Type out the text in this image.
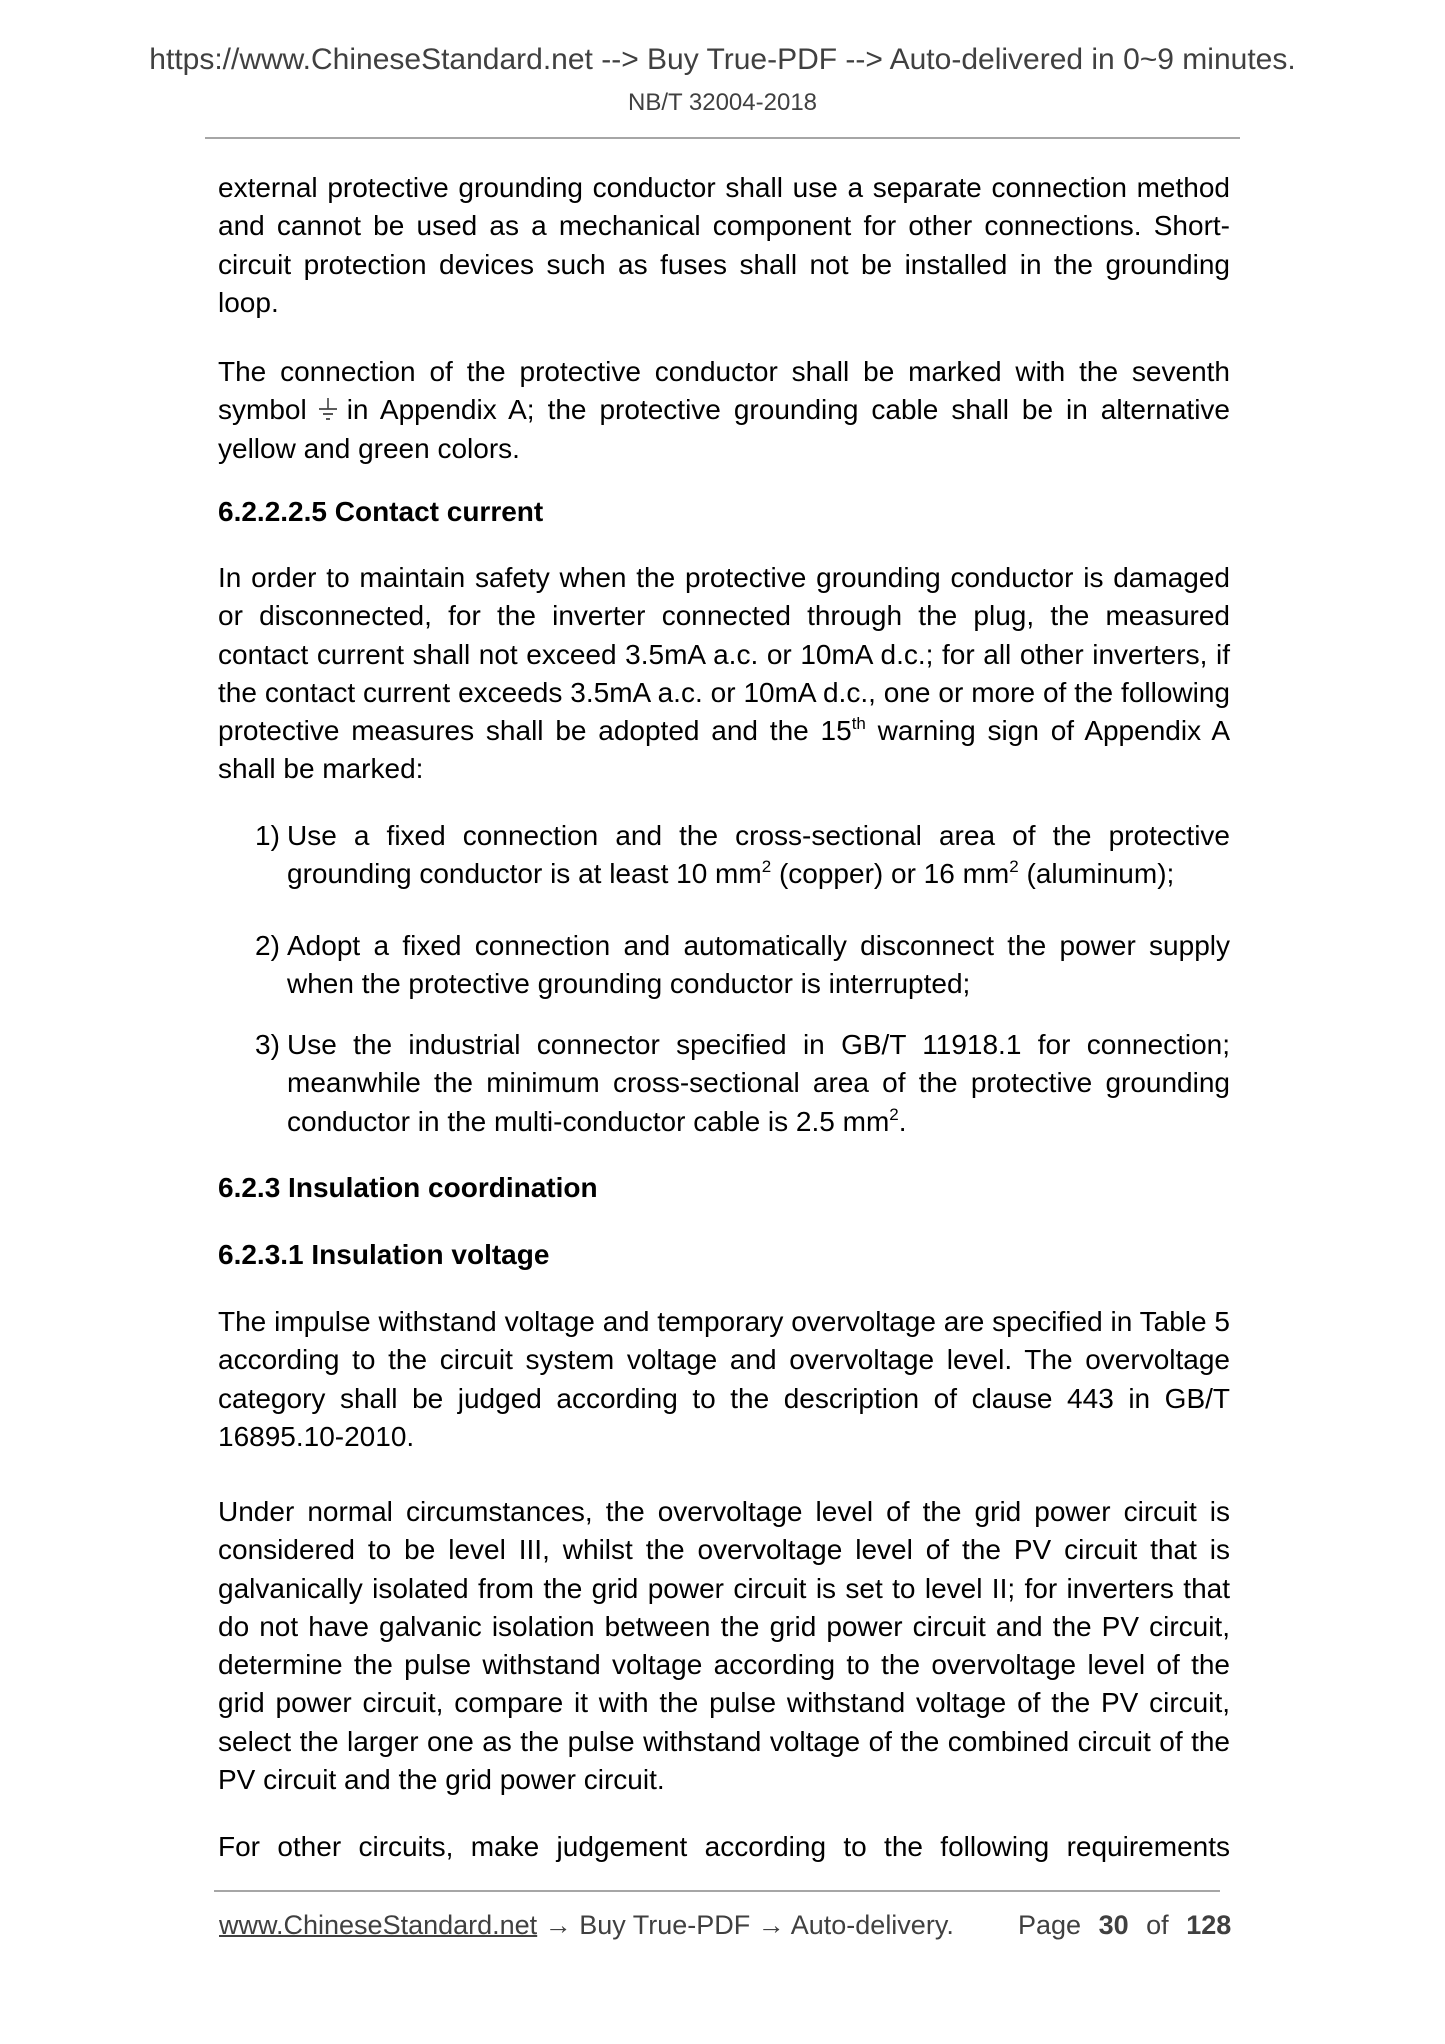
https://www.ChineseStandard.net --> Buy True-PDF --> Auto-delivered in 0~9 minutes.
NB/T 32004-2018
external protective grounding conductor shall use a separate connection method and cannot be used as a mechanical component for other connections. Short-circuit protection devices such as fuses shall not be installed in the grounding loop.
The connection of the protective conductor shall be marked with the seventh symbol in Appendix A; the protective grounding cable shall be in alternative yellow and green colors.
6.2.2.2.5 Contact current
In order to maintain safety when the protective grounding conductor is damaged or disconnected, for the inverter connected through the plug, the measured contact current shall not exceed 3.5mA a.c. or 10mA d.c.; for all other inverters, if the contact current exceeds 3.5mA a.c. or 10mA d.c., one or more of the following protective measures shall be adopted and the 15th warning sign of Appendix A shall be marked:
1) Use a fixed connection and the cross-sectional area of the protective grounding conductor is at least 10 $mm^2$ (copper) or 16 $mm^2$ (aluminum);
2) Adopt a fixed connection and automatically disconnect the power supply when the protective grounding conductor is interrupted;
3) Use the industrial connector specified in GB/T 11918.1 for connection; meanwhile the minimum cross-sectional area of the protective grounding conductor in the multi-conductor cable is 2.5 $mm^2$.
6.2.3 Insulation coordination
6.2.3.1 Insulation voltage
The impulse withstand voltage and temporary overvoltage are specified in Table 5 according to the circuit system voltage and overvoltage level. The overvoltage category shall be judged according to the description of clause 443 in GB/T 16895.10-2010.
Under normal circumstances, the overvoltage level of the grid power circuit is considered to be level III, whilst the overvoltage level of the PV circuit that is galvanically isolated from the grid power circuit is set to level II; for inverters that do not have galvanic isolation between the grid power circuit and the PV circuit, determine the pulse withstand voltage according to the overvoltage level of the grid power circuit, compare it with the pulse withstand voltage of the PV circuit, select the larger one as the pulse withstand voltage of the combined circuit of the PV circuit and the grid power circuit.
For other circuits, make judgement according to the following requirements
www.ChineseStandard.net → Buy True-PDF → Auto-delivery. Page 30 of 128
